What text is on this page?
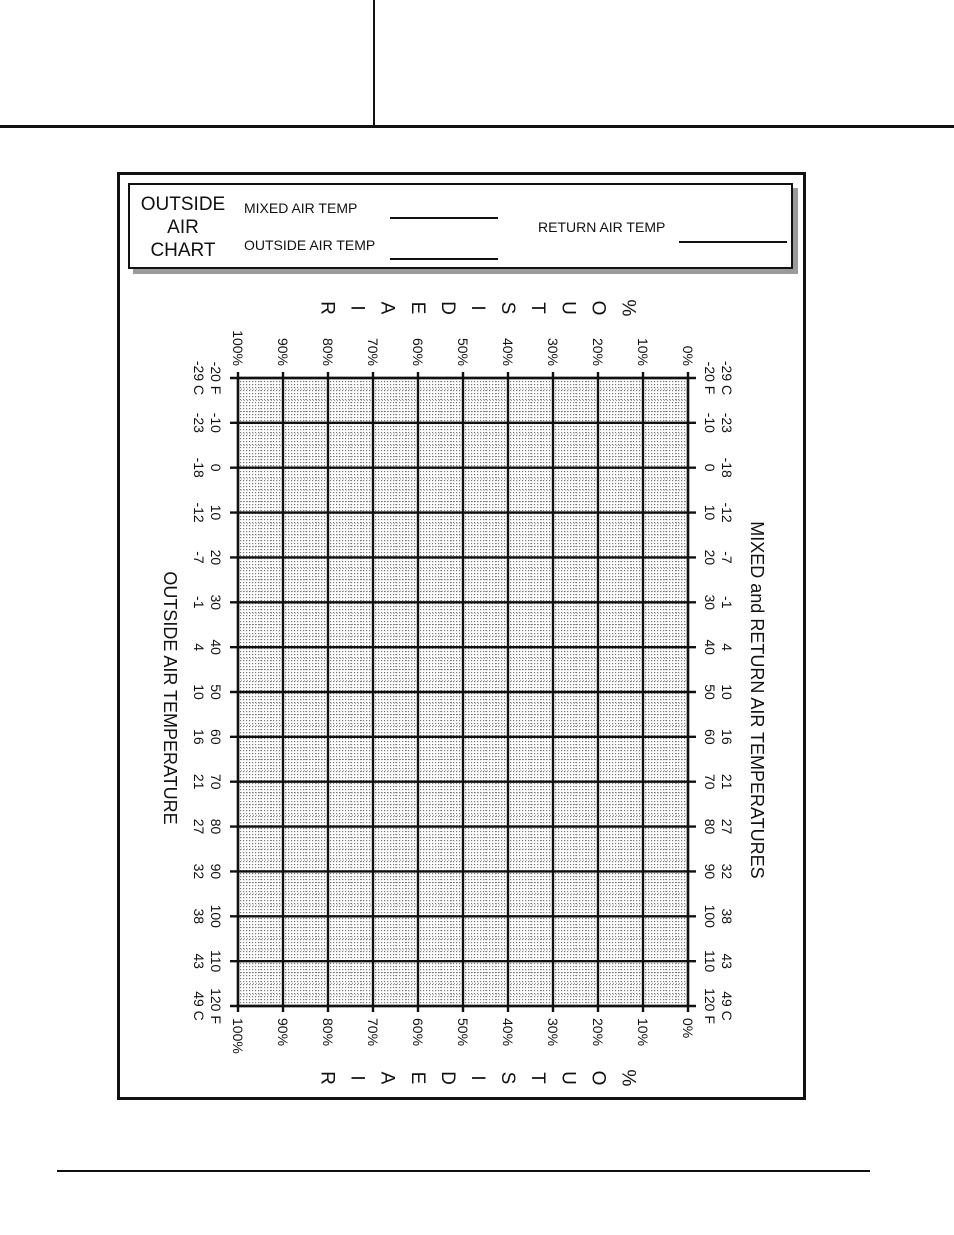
OUTSIDE
AIR
CHART
MIXED AIR TEMP
OUTSIDE AIR TEMP
RETURN AIR TEMP
100%
100%
90%
90%
80%
80%
70%
70%
60%
60%
50%
50%
40%
40%
30%
30%
20%
20%
10%
10%
0%
0%
-20 F
-29 C	-20 F -29 C
-10
-23	-10 -23
0
-18	0 -18
10
-12	10 -12
20
-7	20 -7
30
-1	30 -1
40
4	40 4
50
10	50 10
60
16	60 16
70
21	70 21
80
27	80 27
90
32	90 32
100
38	100 38
110
43	110 43
120 F
49 C	120 F 49 C
OUTSIDE AIR TEMPERATURE	MIXED and RETURN AIR TEMPERATURES
%
%
O
O
U
U
T
T
S
S
I
I
D
D
E
E
A
A
I
I
R
R
